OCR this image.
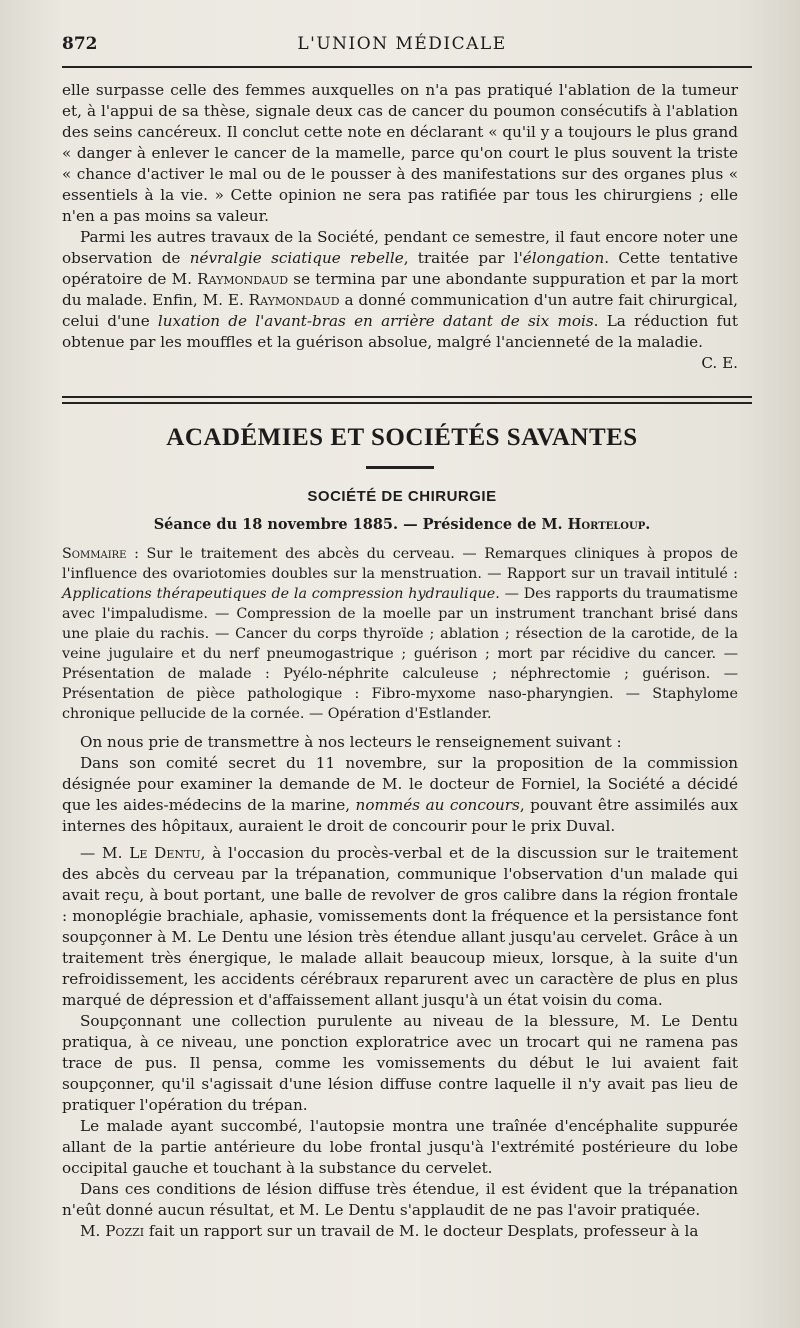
872	L'UNION MÉDICALE

elle surpasse celle des femmes auxquelles on n'a pas pratiqué l'ablation de la tumeur et, à l'appui de sa thèse, signale deux cas de cancer du poumon consécutifs à l'ablation des seins cancéreux. Il conclut cette note en déclarant « qu'il y a toujours le plus grand « danger à enlever le cancer de la mamelle, parce qu'on court le plus souvent la triste « chance d'activer le mal ou de le pousser à des manifestations sur des organes plus « essentiels à la vie. » Cette opinion ne sera pas ratifiée par tous les chirurgiens ; elle n'en a pas moins sa valeur.

Parmi les autres travaux de la Société, pendant ce semestre, il faut encore noter une observation de névralgie sciatique rebelle, traitée par l'élongation. Cette tentative opératoire de M. Raymondaud se termina par une abondante suppuration et par la mort du malade. Enfin, M. E. Raymondaud a donné communication d'un autre fait chirurgical, celui d'une luxation de l'avant-bras en arrière datant de six mois. La réduction fut obtenue par les mouffles et la guérison absolue, malgré l'ancienneté de la maladie.

C. E.
ACADÉMIES ET SOCIÉTÉS SAVANTES
SOCIÉTÉ DE CHIRURGIE
Séance du 18 novembre 1885. — Présidence de M. Horteloup.

Sommaire : Sur le traitement des abcès du cerveau. — Remarques cliniques à propos de l'influence des ovariotomies doubles sur la menstruation. — Rapport sur un travail intitulé : Applications thérapeutiques de la compression hydraulique. — Des rapports du traumatisme avec l'impaludisme. — Compression de la moelle par un instrument tranchant brisé dans une plaie du rachis. — Cancer du corps thyroïde ; ablation ; résection de la carotide, de la veine jugulaire et du nerf pneumogastrique ; guérison ; mort par récidive du cancer. — Présentation de malade : Pyélo-néphrite calculeuse ; néphrectomie ; guérison. — Présentation de pièce pathologique : Fibro-myxome naso-pharyngien. — Staphylome chronique pellucide de la cornée. — Opération d'Estlander.

On nous prie de transmettre à nos lecteurs le renseignement suivant :

Dans son comité secret du 11 novembre, sur la proposition de la commission désignée pour examiner la demande de M. le docteur de Forniel, la Société a décidé que les aides-médecins de la marine, nommés au concours, pouvant être assimilés aux internes des hôpitaux, auraient le droit de concourir pour le prix Duval.

— M. Le Dentu, à l'occasion du procès-verbal et de la discussion sur le traitement des abcès du cerveau par la trépanation, communique l'observation d'un malade qui avait reçu, à bout portant, une balle de revolver de gros calibre dans la région frontale : monoplégie brachiale, aphasie, vomissements dont la fréquence et la persistance font soupçonner à M. Le Dentu une lésion très étendue allant jusqu'au cervelet. Grâce à un traitement très énergique, le malade allait beaucoup mieux, lorsque, à la suite d'un refroidissement, les accidents cérébraux reparurent avec un caractère de plus en plus marqué de dépression et d'affaissement allant jusqu'à un état voisin du coma.

Soupçonnant une collection purulente au niveau de la blessure, M. Le Dentu pratiqua, à ce niveau, une ponction exploratrice avec un trocart qui ne ramena pas trace de pus. Il pensa, comme les vomissements du début le lui avaient fait soupçonner, qu'il s'agissait d'une lésion diffuse contre laquelle il n'y avait pas lieu de pratiquer l'opération du trépan.

Le malade ayant succombé, l'autopsie montra une traînée d'encéphalite suppurée allant de la partie antérieure du lobe frontal jusqu'à l'extrémité postérieure du lobe occipital gauche et touchant à la substance du cervelet.

Dans ces conditions de lésion diffuse très étendue, il est évident que la trépanation n'eût donné aucun résultat, et M. Le Dentu s'applaudit de ne pas l'avoir pratiquée.

M. Pozzi fait un rapport sur un travail de M. le docteur Desplats, professeur à la
